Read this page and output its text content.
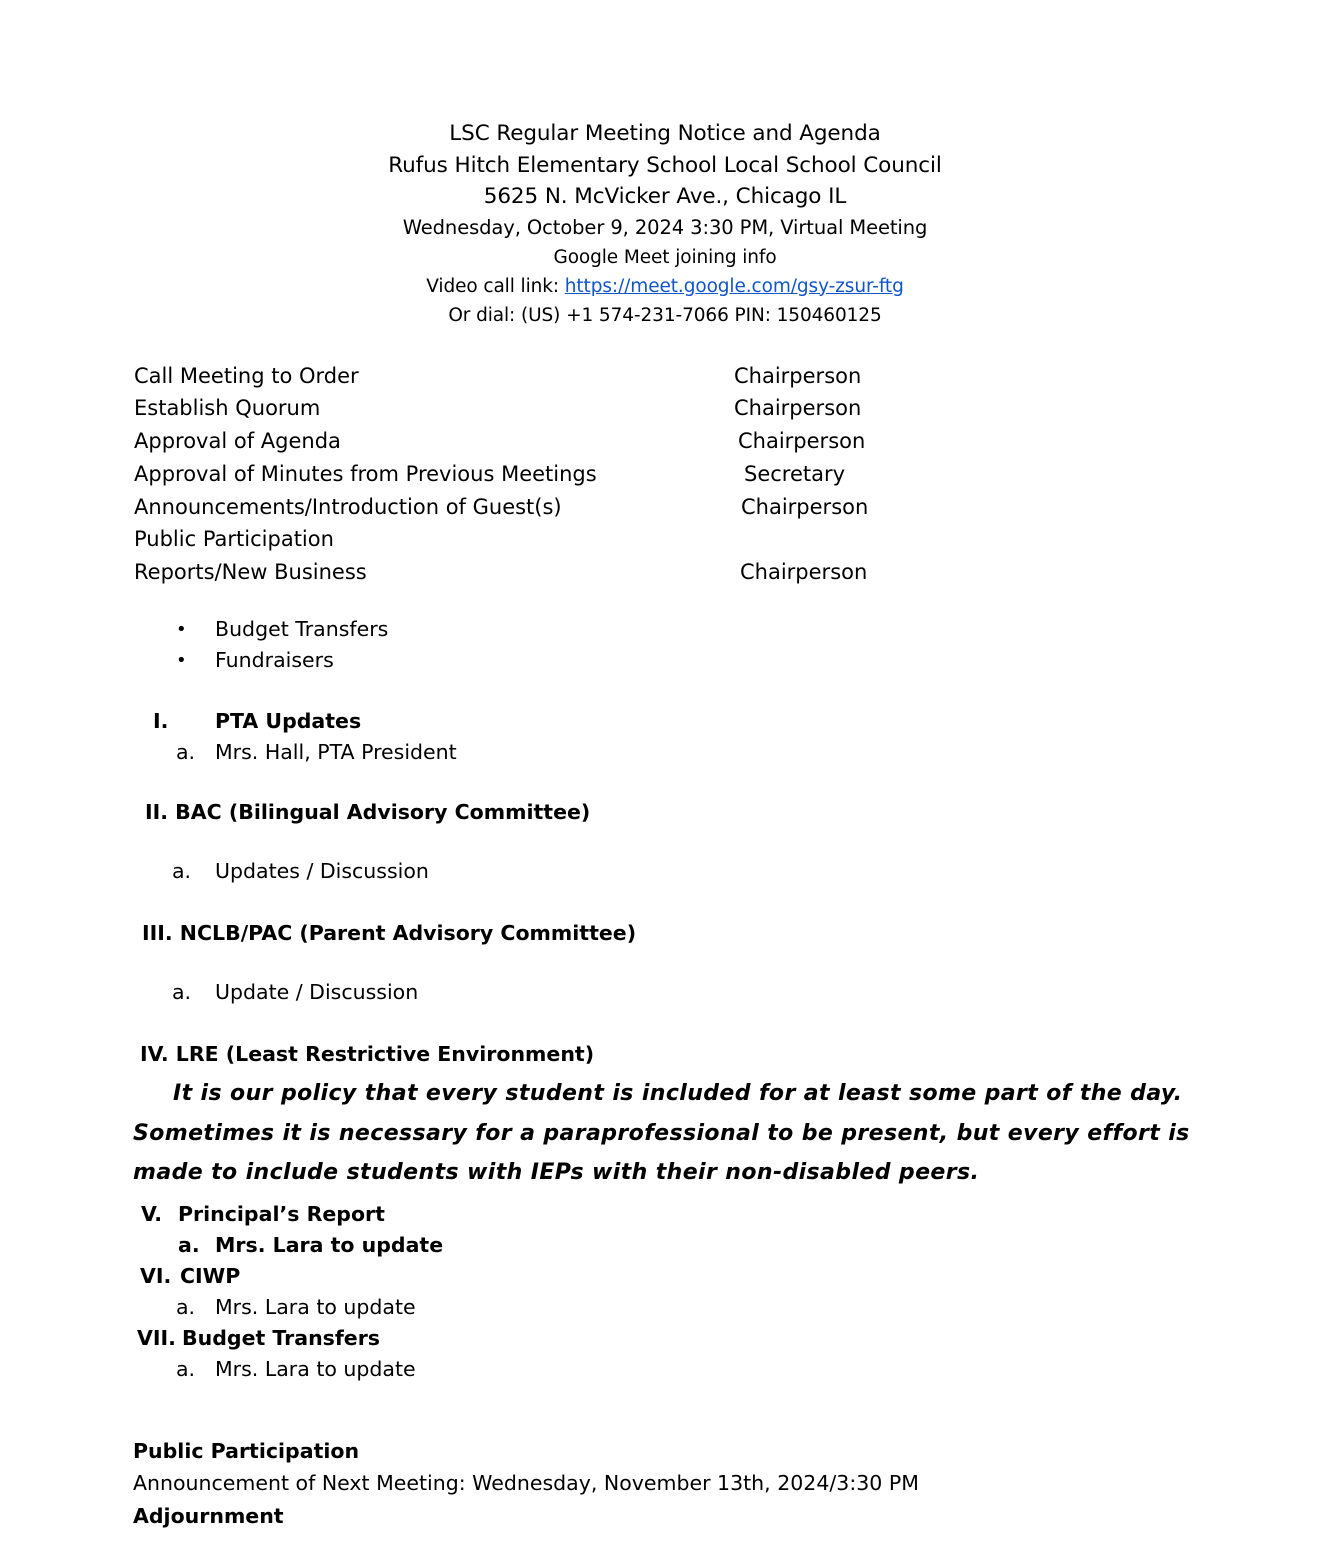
LSC Regular Meeting Notice and Agenda
Rufus Hitch Elementary School Local School Council
5625 N. McVicker Ave., Chicago IL
Wednesday, October 9, 2024 3:30 PM, Virtual Meeting
Google Meet joining info
Video call link: https://meet.google.com/gsy-zsur-ftg
Or dial: (US) +1 574-231-7066 PIN: 150460125
Call Meeting to Order	Chairperson
Establish Quorum	Chairperson
Approval of Agenda	Chairperson
Approval of Minutes from Previous Meetings	Secretary
Announcements/Introduction of Guest(s)	Chairperson
Public Participation	
Reports/New Business	Chairperson
• Budget Transfers
• Fundraisers
I. PTA Updates
a. Mrs. Hall, PTA President
II. BAC (Bilingual Advisory Committee)
a. Updates / Discussion
III. NCLB/PAC (Parent Advisory Committee)
a. Update / Discussion
IV. LRE (Least Restrictive Environment)

It is our policy that every student is included for at least some part of the day. Sometimes it is necessary for a paraprofessional to be present, but every effort is made to include students with IEPs with their non-disabled peers.

V. Principal’s Report
a. Mrs. Lara to update
VI. CIWP
a. Mrs. Lara to update
VII. Budget Transfers
a. Mrs. Lara to update
Public Participation
Announcement of Next Meeting: Wednesday, November 13th, 2024/3:30 PM
Adjournment
